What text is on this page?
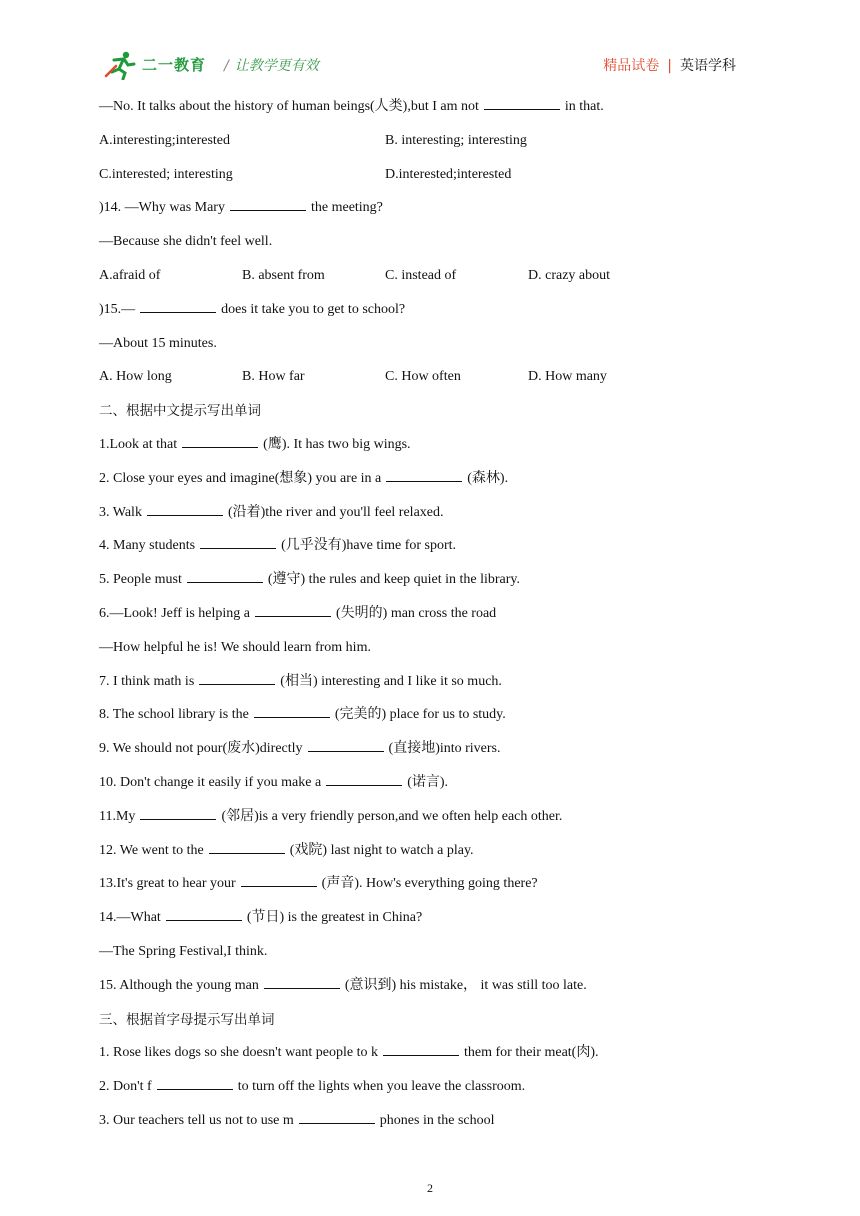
二一教育 / 让教学更有效	精品试卷 | 英语学科
—No. It talks about the history of human beings(人类),but I am not	in that.
A.interesting;interested	B. interesting; interesting
C.interested; interesting	D.interested;interested
)14. —Why was Mary	the meeting?
—Because she didn't feel well.
A.afraid of	B. absent from	C. instead of	D. crazy about
)15.—	does it take you to get to school?
—About 15 minutes.
A. How long	B. How far	C. How often	D. How many
二、根据中文提示写出单词
1.Look at that	(鹰). It has two big wings.
2. Close your eyes and imagine(想象) you are in a	(森林).
3. Walk	(沿着)the river and you'll feel relaxed.
4. Many students	(几乎没有)have time for sport.
5. People must	(遵守) the rules and keep quiet in the library.
6.—Look! Jeff is helping a	(失明的) man cross the road
—How helpful he is! We should learn from him.
7. I think math is	(相当) interesting and I like it so much.
8. The school library is the	(完美的) place for us to study.
9. We should not pour(废水)directly	(直接地)into rivers.
10. Don't change it easily if you make a	(诺言).
11.My	(邻居)is a very friendly person,and we often help each other.
12. We went to the	(戏院) last night to watch a play.
13.It's great to hear your	(声音). How's everything going there?
14.—What	(节日) is the greatest in China?
—The Spring Festival,I think.
15. Although the young man	(意识到) his mistake， it was still too late.
三、根据首字母提示写出单词
1. Rose likes dogs so she doesn't want people to k	them for their meat(肉).
2. Don't f	to turn off the lights when you leave the classroom.
3. Our teachers tell us not to use m	phones in the school
2
